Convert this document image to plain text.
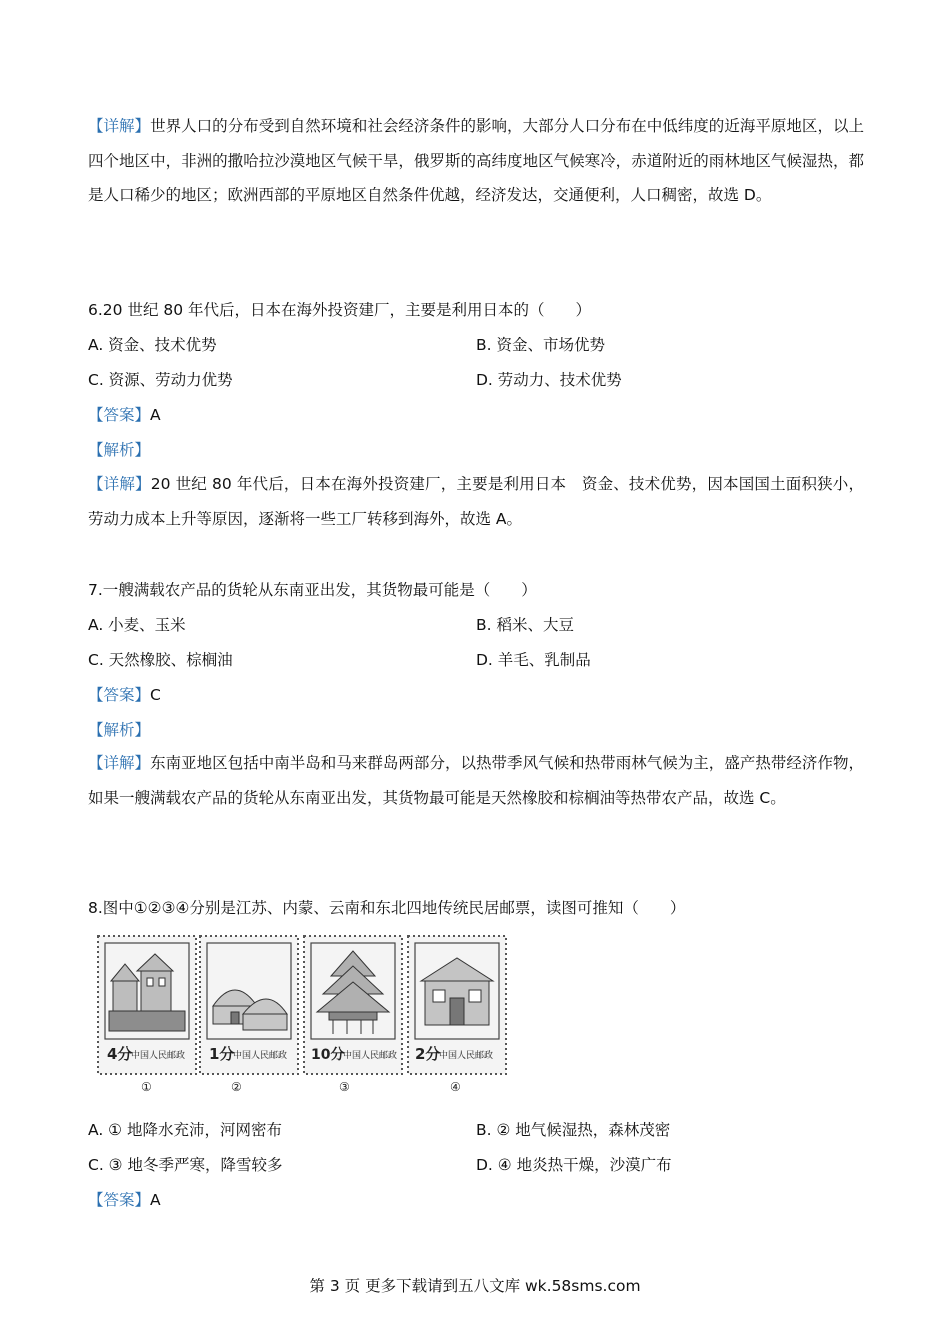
【详解】世界人口的分布受到自然环境和社会经济条件的影响，大部分人口分布在中低纬度的近海平原地区，以上四个地区中，非洲的撒哈拉沙漠地区气候干旱，俄罗斯的高纬度地区气候寒冷，赤道附近的雨林地区气候湿热，都是人口稀少的地区；欧洲西部的平原地区自然条件优越，经济发达，交通便利，人口稠密，故选 D。
6.20 世纪 80 年代后，日本在海外投资建厂，主要是利用日本的（　　）
A. 资金、技术优势	B. 资金、市场优势
C. 资源、劳动力优势	D. 劳动力、技术优势
【答案】A
【解析】
【详解】20 世纪 80 年代后，日本在海外投资建厂，主要是利用日本　资金、技术优势，因本国国土面积狭小，劳动力成本上升等原因，逐渐将一些工厂转移到海外，故选 A。
7.一艘满载农产品的货轮从东南亚出发，其货物最可能是（　　）
A. 小麦、玉米	B. 稻米、大豆
C. 天然橡胶、棕榈油	D. 羊毛、乳制品
【答案】C
【解析】
【详解】东南亚地区包括中南半岛和马来群岛两部分，以热带季风气候和热带雨林气候为主，盛产热带经济作物，如果一艘满载农产品的货轮从东南亚出发，其货物最可能是天然橡胶和棕榈油等热带农产品，故选 C。
8.图中①②③④分别是江苏、内蒙、云南和东北四地传统民居邮票，读图可推知（　　）
4分
中国人民邮政 1分
中国人民邮政 10分
中国人民邮政 2分
中国人民邮政
①	②	③	④
A. ① 地降水充沛，河网密布	B. ② 地气候湿热，森林茂密
C. ③ 地冬季严寒，降雪较多	D. ④ 地炎热干燥，沙漠广布
【答案】A
第 3 页 更多下载请到五八文库 wk.58sms.com
